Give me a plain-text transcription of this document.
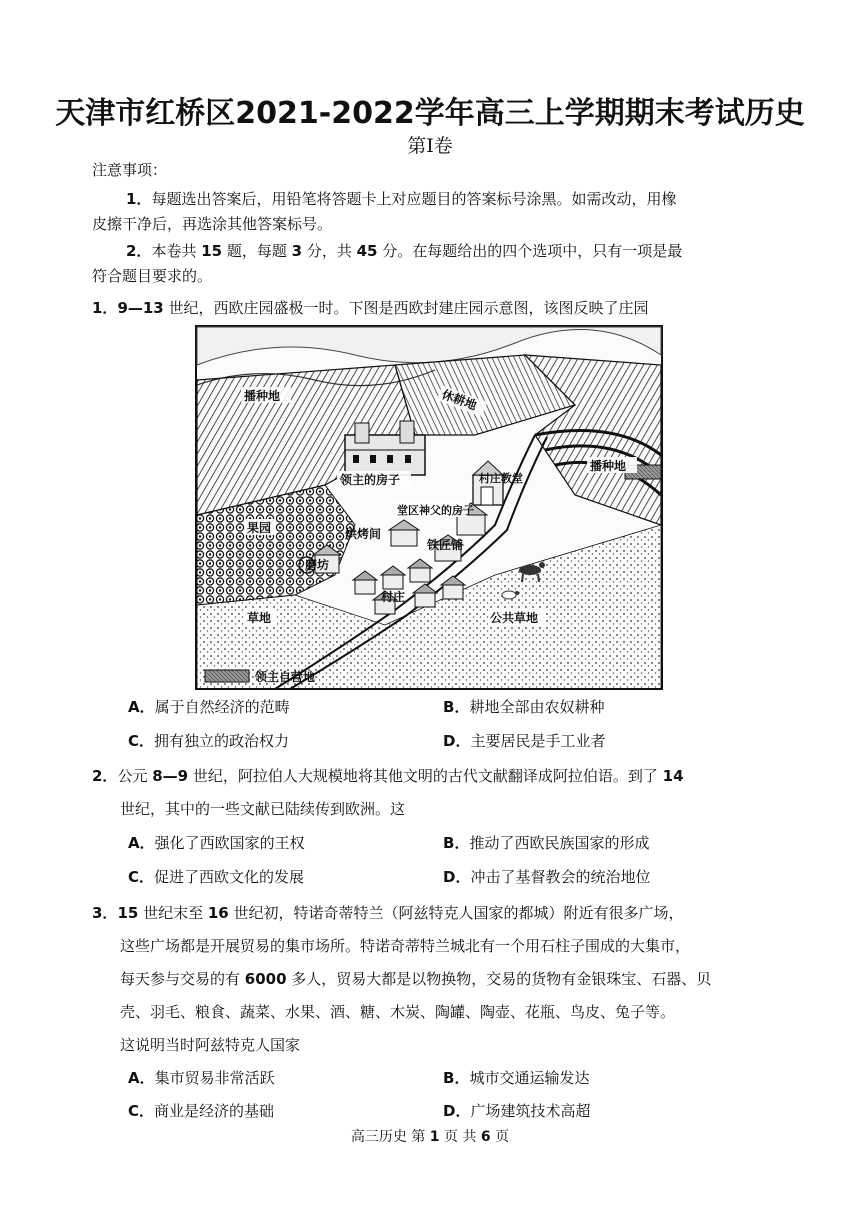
天津市红桥区2021-2022学年高三上学期期末考试历史
第Ⅰ卷
注意事项：
1．每题选出答案后，用铅笔将答题卡上对应题目的答案标号涂黑。如需改动，用橡
皮擦干净后，再选涂其他答案标号。
2．本卷共 15 题，每题 3 分，共 45 分。在每题给出的四个选项中，只有一项是最
符合题目要求的。
1．9—13 世纪，西欧庄园盛极一时。下图是西欧封建庄园示意图，该图反映了庄园
播种地	休耕地
播种地
领主的房子	村庄教堂
堂区神父的房子
果园	烘烤间
铁匠铺
磨坊
村庄
草地	公共草地
领主自营地
A．属于自然经济的范畴	B．耕地全部由农奴耕种
C．拥有独立的政治权力	D．主要居民是手工业者
2．公元 8—9 世纪，阿拉伯人大规模地将其他文明的古代文献翻译成阿拉伯语。到了 14
世纪，其中的一些文献已陆续传到欧洲。这
A．强化了西欧国家的王权	B．推动了西欧民族国家的形成
C．促进了西欧文化的发展	D．冲击了基督教会的统治地位
3．15 世纪末至 16 世纪初，特诺奇蒂特兰（阿兹特克人国家的都城）附近有很多广场，
这些广场都是开展贸易的集市场所。特诺奇蒂特兰城北有一个用石柱子围成的大集市，
每天参与交易的有 6000 多人，贸易大都是以物换物，交易的货物有金银珠宝、石器、贝
壳、羽毛、粮食、蔬菜、水果、酒、糖、木炭、陶罐、陶壶、花瓶、鸟皮、兔子等。
这说明当时阿兹特克人国家
A．集市贸易非常活跃	B．城市交通运输发达
C．商业是经济的基础	D．广场建筑技术高超
高三历史 第 1 页 共 6 页
